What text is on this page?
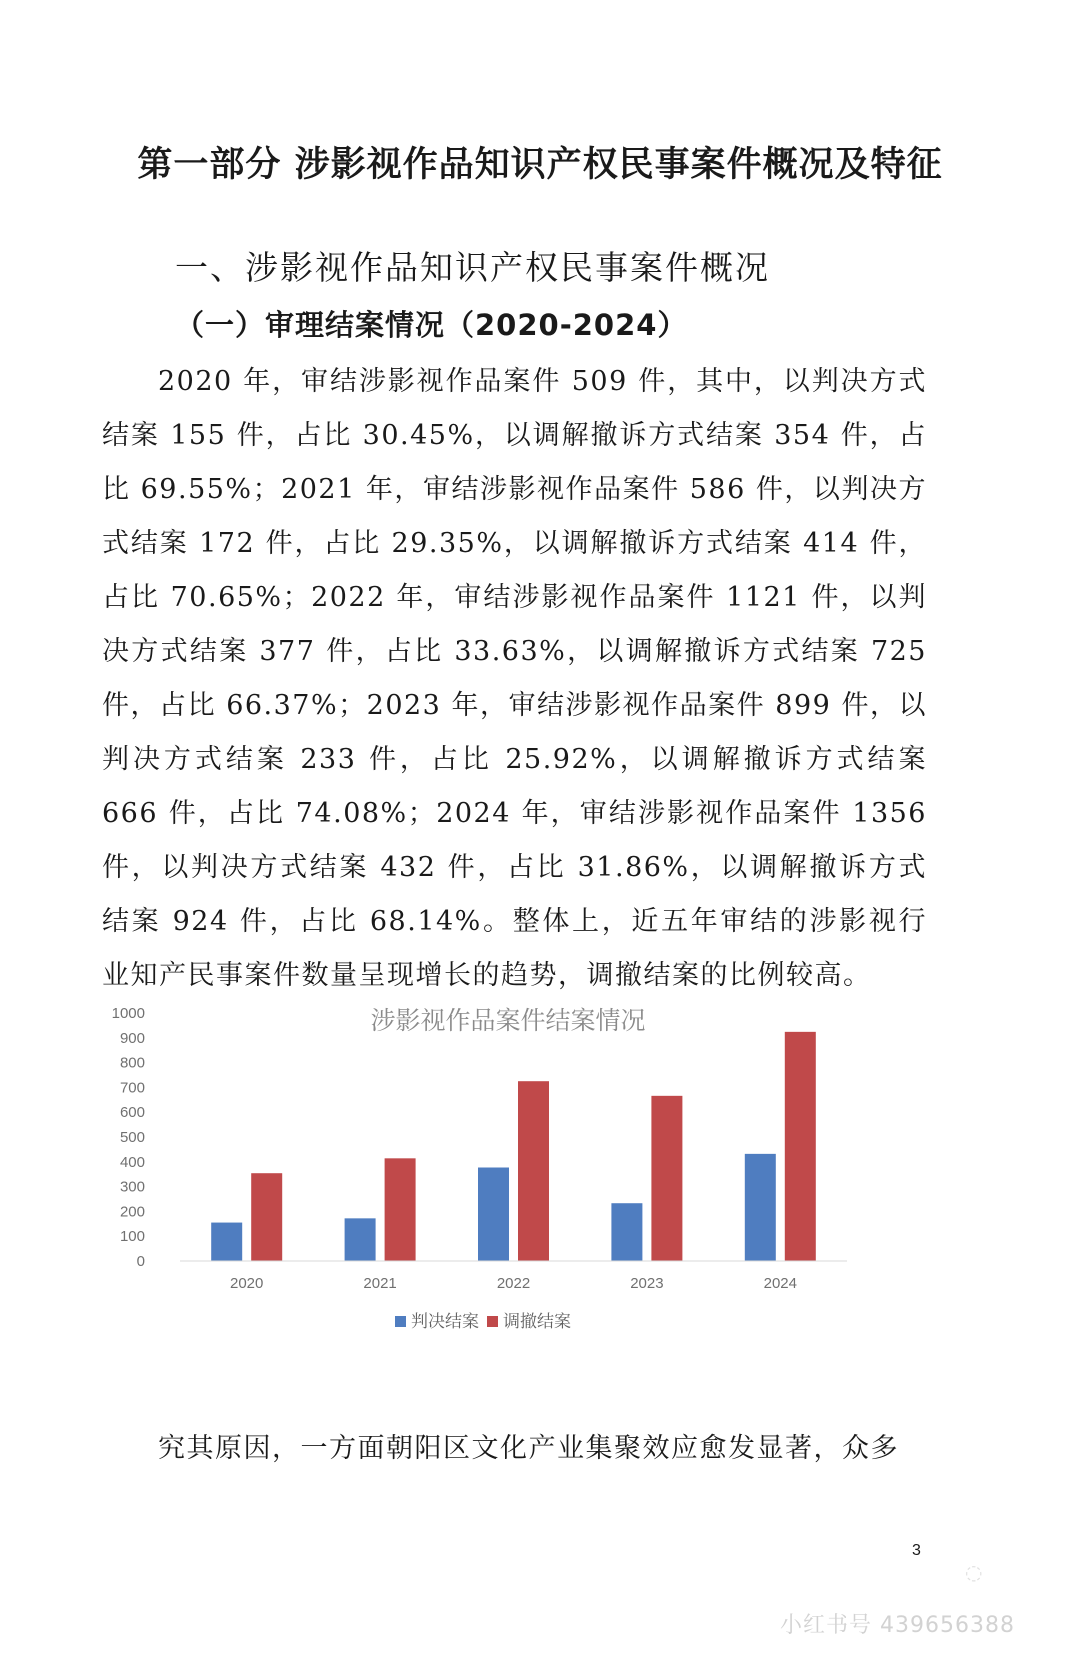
第一部分 涉影视作品知识产权民事案件概况及特征
一、涉影视作品知识产权民事案件概况
（一）审理结案情况（2020-2024）
2020 年，审结涉影视作品案件 509 件，其中，以判决方式结案 155 件，占比 30.45%，以调解撤诉方式结案 354 件，占比 69.55%；2021 年，审结涉影视作品案件 586 件，以判决方式结案 172 件，占比 29.35%，以调解撤诉方式结案 414 件，占比 70.65%；2022 年，审结涉影视作品案件 1121 件，以判决方式结案 377 件，占比 33.63%，以调解撤诉方式结案 725 件，占比 66.37%；2023 年，审结涉影视作品案件 899 件，以判决方式结案 233 件，占比 25.92%，以调解撤诉方式结案 666 件，占比 74.08%；2024 年，审结涉影视作品案件 1356 件，以判决方式结案 432 件，占比 31.86%，以调解撤诉方式结案 924 件，占比 68.14%。整体上，近五年审结的涉影视行业知产民事案件数量呈现增长的趋势，调撤结案的比例较高。
涉影视作品案件结案情况
0
100
200
300
400
500
600
700
800
900
1000
2020	2021	2022	2023	2024
判决结案 调撤结案
究其原因，一方面朝阳区文化产业集聚效应愈发显著，众多
3
◌
小红书号 439656388
